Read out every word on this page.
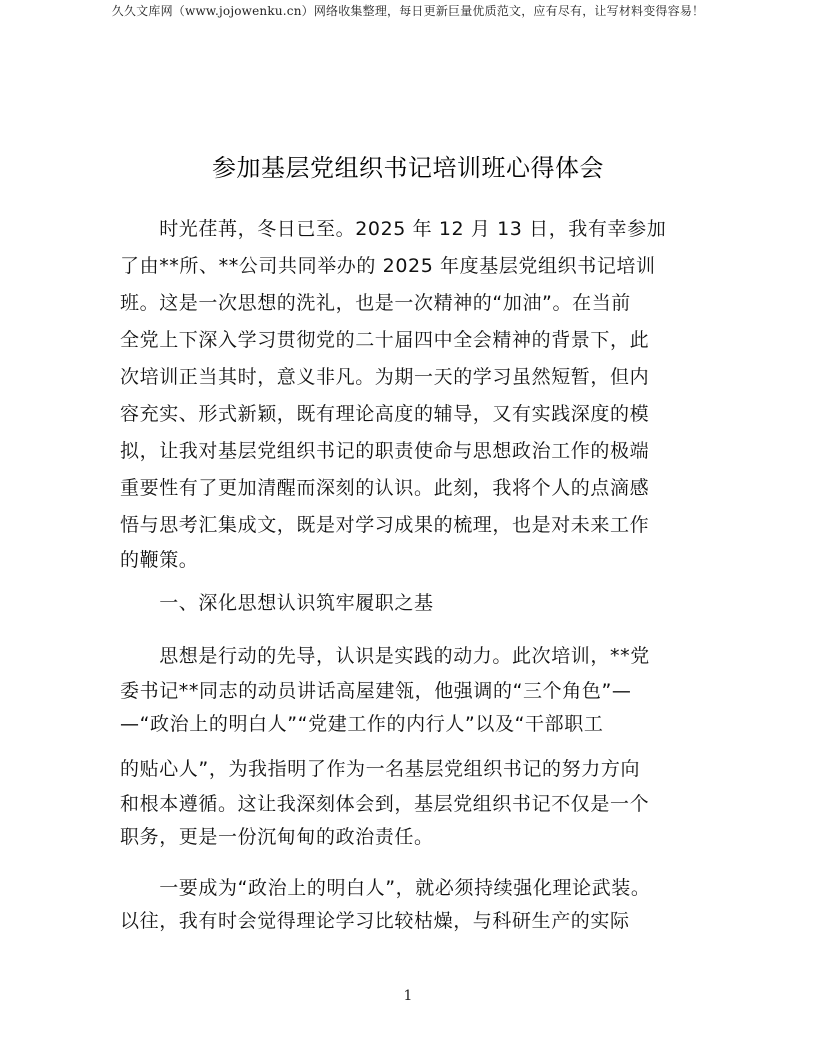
久久文库网（www.jojowenku.cn）网络收集整理，每日更新巨量优质范文，应有尽有，让写材料变得容易！
参加基层党组织书记培训班心得体会
　　时光荏苒，冬日已至。2025 年 12 月 13 日，我有幸参加
了由**所、**公司共同举办的 2025 年度基层党组织书记培训
班。这是一次思想的洗礼，也是一次精神的“加油”。在当前
全党上下深入学习贯彻党的二十届四中全会精神的背景下，此
次培训正当其时，意义非凡。为期一天的学习虽然短暂，但内
容充实、形式新颖，既有理论高度的辅导，又有实践深度的模
拟，让我对基层党组织书记的职责使命与思想政治工作的极端
重要性有了更加清醒而深刻的认识。此刻，我将个人的点滴感
悟与思考汇集成文，既是对学习成果的梳理，也是对未来工作
的鞭策。
　　一、深化思想认识筑牢履职之基
　　思想是行动的先导，认识是实践的动力。此次培训，**党
委书记**同志的动员讲话高屋建瓴，他强调的“三个角色”—
—“政治上的明白人”“党建工作的内行人”以及“干部职工
的贴心人”，为我指明了作为一名基层党组织书记的努力方向
和根本遵循。这让我深刻体会到，基层党组织书记不仅是一个
职务，更是一份沉甸甸的政治责任。
　　一要成为“政治上的明白人”，就必须持续强化理论武装。
以往，我有时会觉得理论学习比较枯燥，与科研生产的实际
1
